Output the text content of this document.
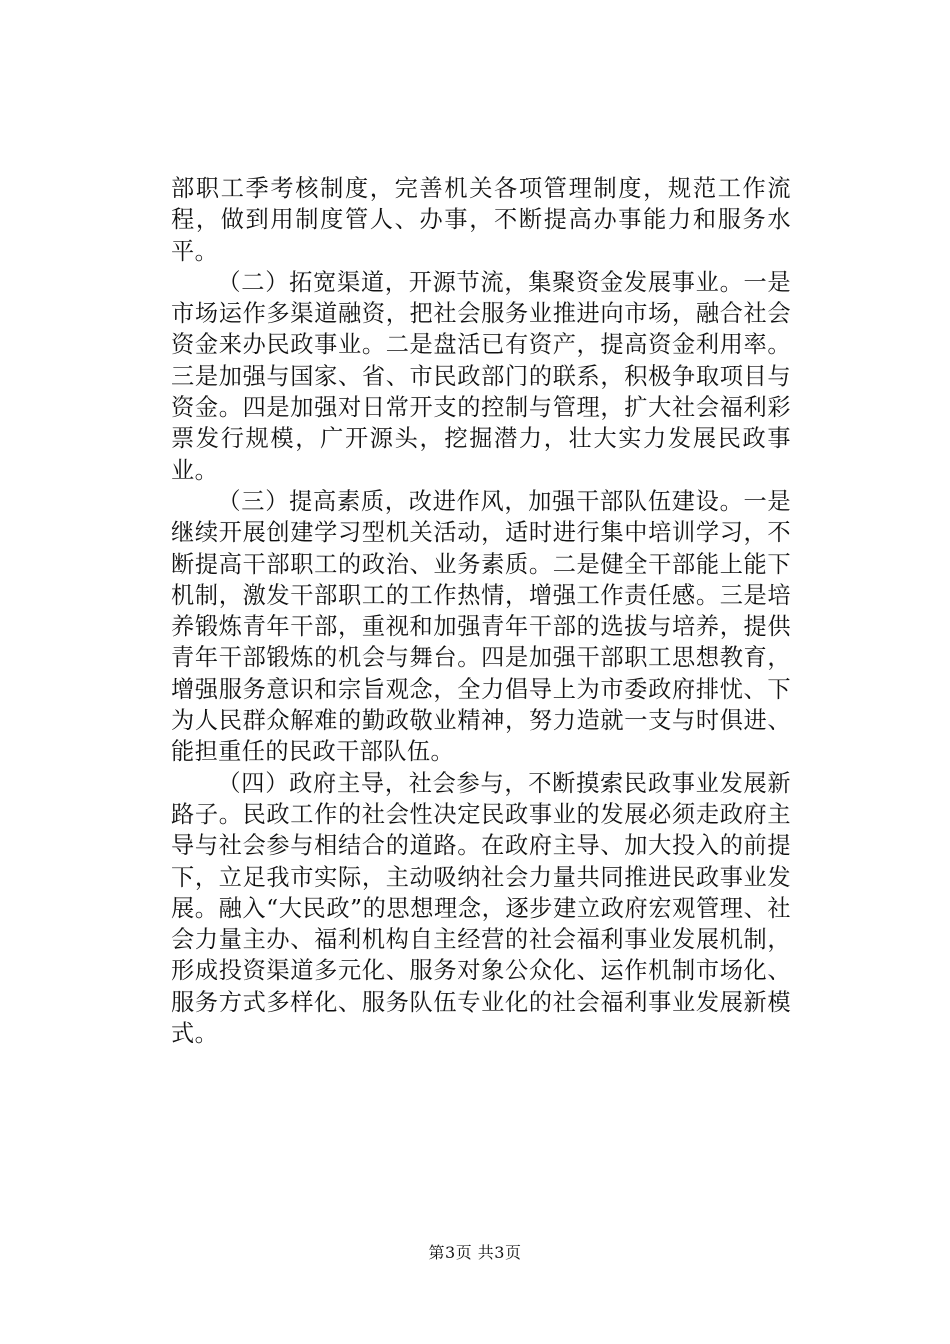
部职工季考核制度，完善机关各项管理制度，规范工作流程，做到用制度管人、办事，不断提高办事能力和服务水平。

（二）拓宽渠道，开源节流，集聚资金发展事业。一是市场运作多渠道融资，把社会服务业推进向市场，融合社会资金来办民政事业。二是盘活已有资产，提高资金利用率。三是加强与国家、省、市民政部门的联系，积极争取项目与资金。四是加强对日常开支的控制与管理，扩大社会福利彩票发行规模，广开源头，挖掘潜力，壮大实力发展民政事业。

（三）提高素质，改进作风，加强干部队伍建设。一是继续开展创建学习型机关活动，适时进行集中培训学习，不断提高干部职工的政治、业务素质。二是健全干部能上能下机制，激发干部职工的工作热情，增强工作责任感。三是培养锻炼青年干部，重视和加强青年干部的选拔与培养，提供青年干部锻炼的机会与舞台。四是加强干部职工思想教育，增强服务意识和宗旨观念，全力倡导上为市委政府排忧、下为人民群众解难的勤政敬业精神，努力造就一支与时俱进、能担重任的民政干部队伍。

（四）政府主导，社会参与，不断摸索民政事业发展新路子。民政工作的社会性决定民政事业的发展必须走政府主导与社会参与相结合的道路。在政府主导、加大投入的前提下，立足我市实际，主动吸纳社会力量共同推进民政事业发展。融入“大民政”的思想理念，逐步建立政府宏观管理、社会力量主办、福利机构自主经营的社会福利事业发展机制，形成投资渠道多元化、服务对象公众化、运作机制市场化、服务方式多样化、服务队伍专业化的社会福利事业发展新模式。

第3页 共3页
